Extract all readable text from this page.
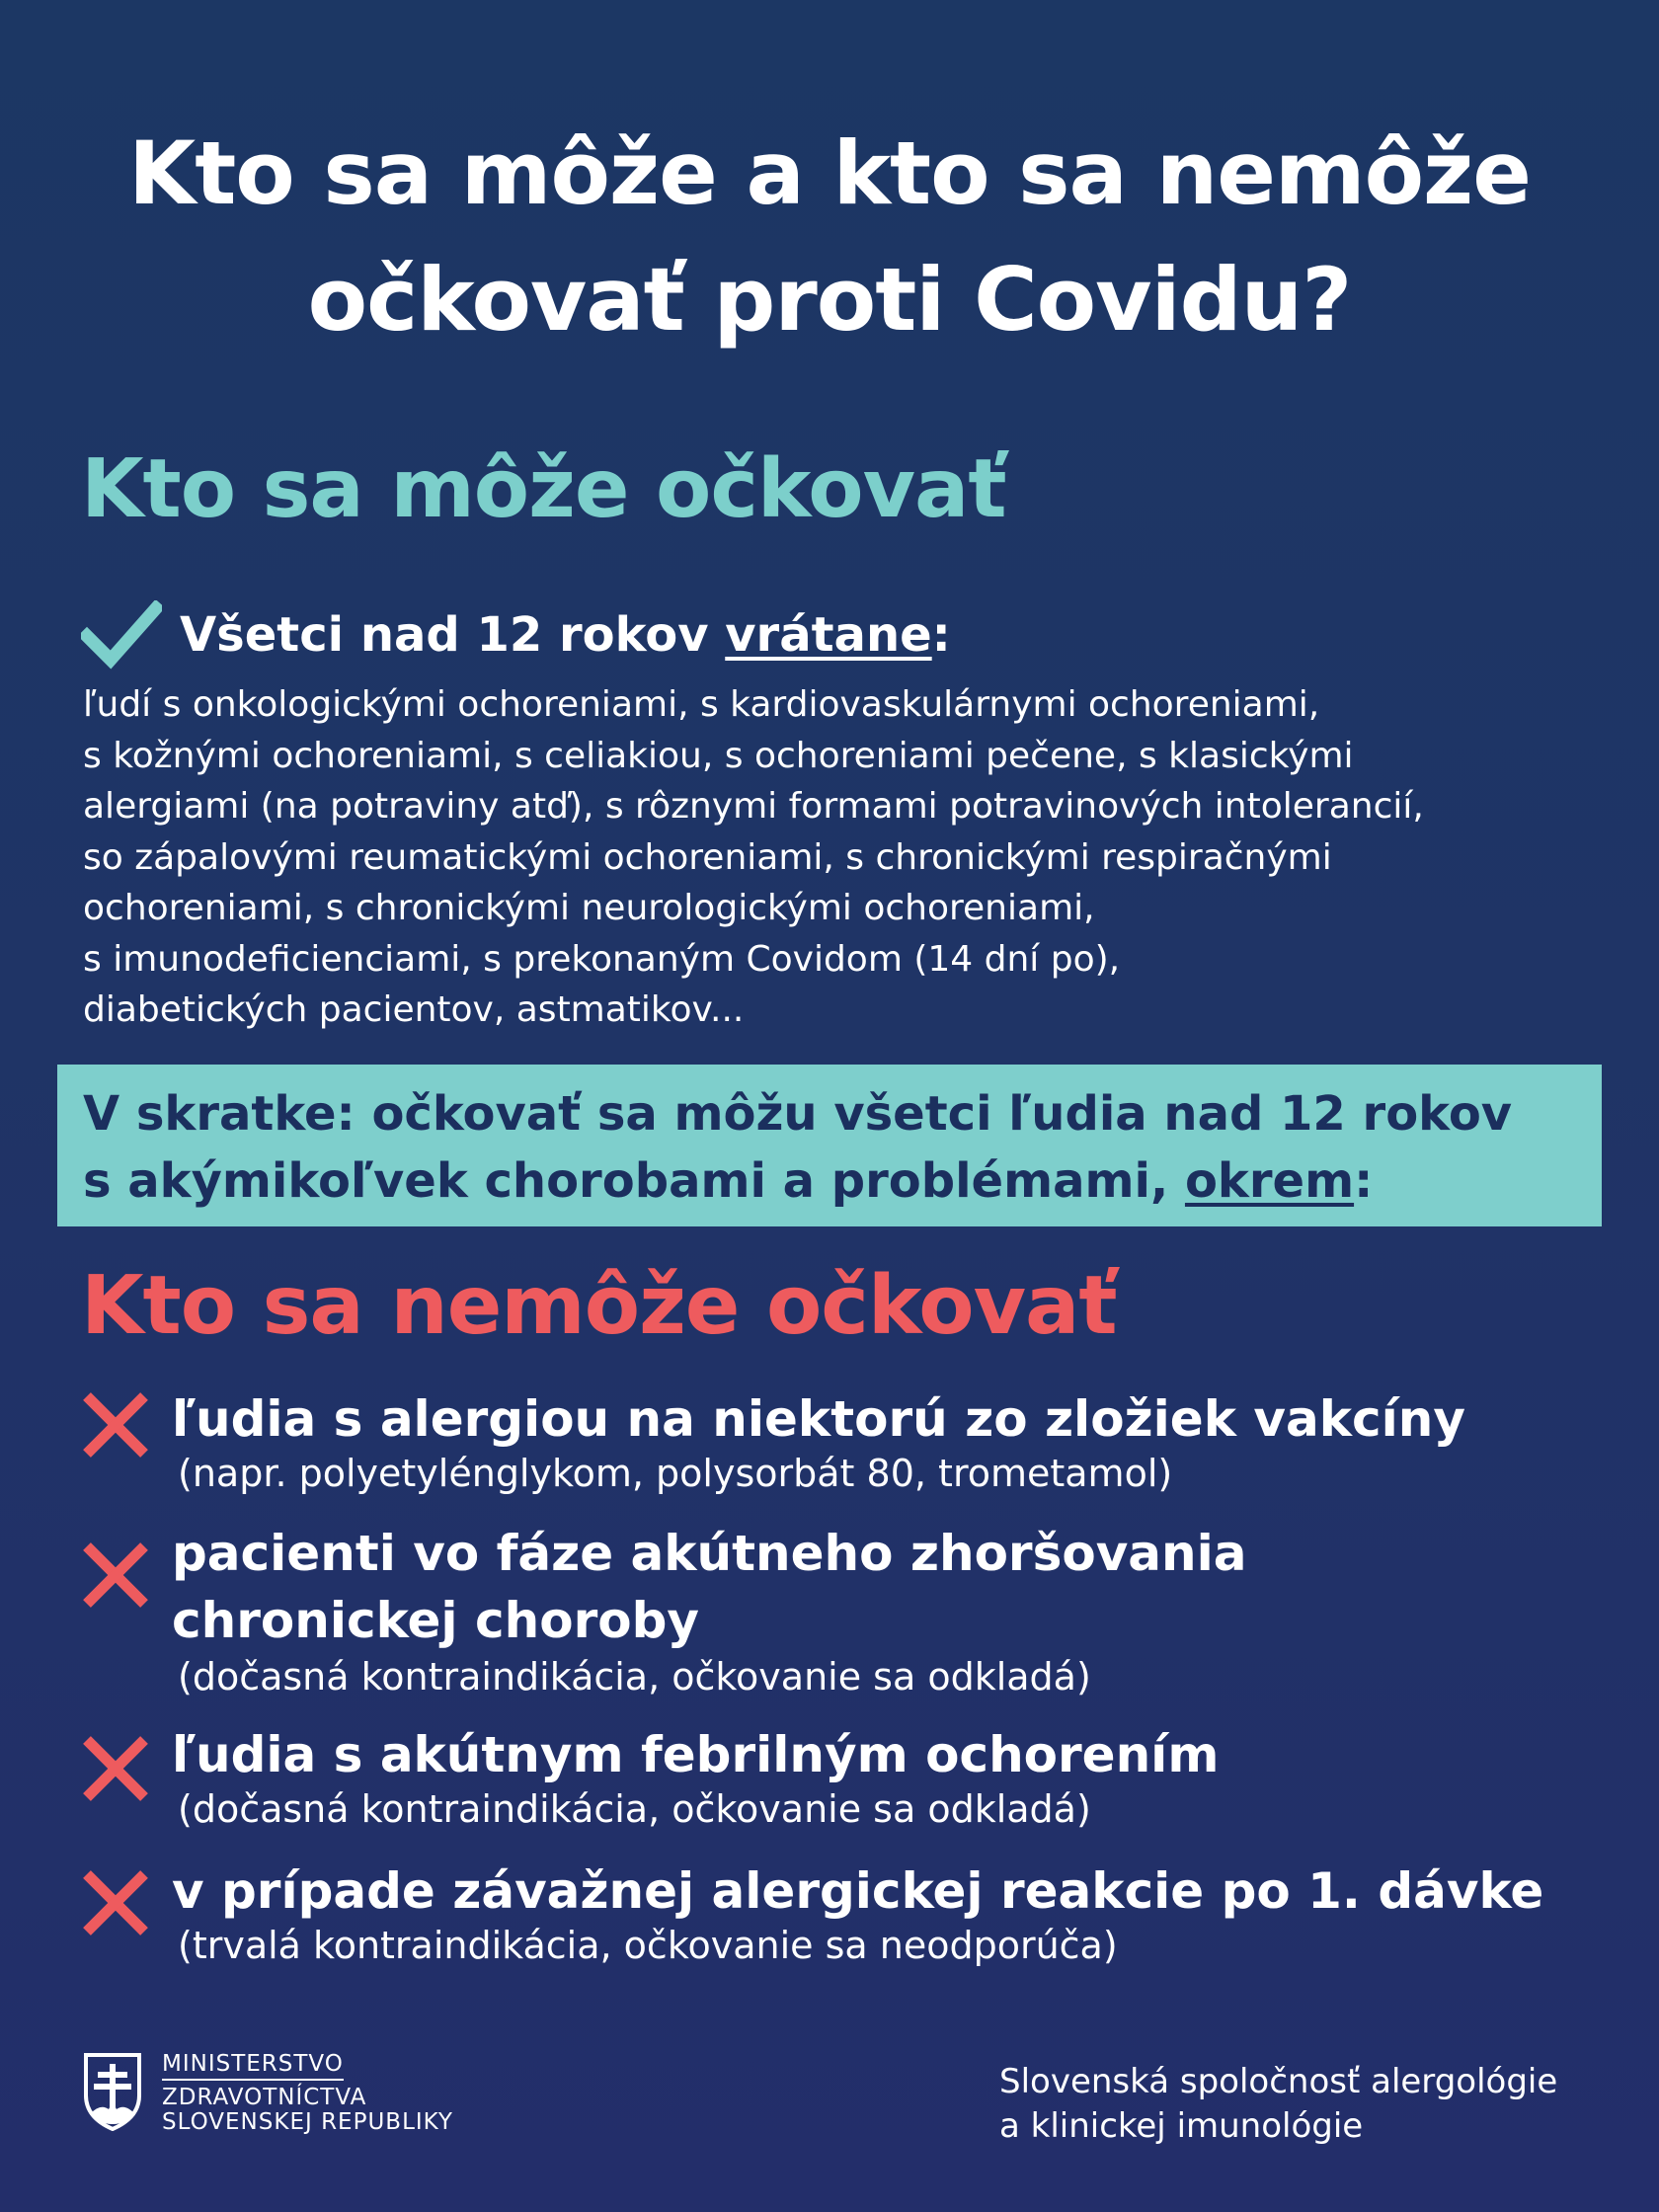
Kto sa môže a kto sa nemôže
očkovať proti Covidu?
Kto sa môže očkovať
Všetci nad 12 rokov vrátane:
ľudí s onkologickými ochoreniami, s kardiovaskulárnymi ochoreniami,
s kožnými ochoreniami, s celiakiou, s ochoreniami pečene, s klasickými
alergiami (na potraviny atď), s rôznymi formami potravinových intolerancií,
so zápalovými reumatickými ochoreniami, s chronickými respiračnými
ochoreniami, s chronickými neurologickými ochoreniami,
s imunodeficienciami, s prekonaným Covidom (14 dní po),
diabetických pacientov, astmatikov...
V skratke: očkovať sa môžu všetci ľudia nad 12 rokov
s akýmikoľvek chorobami a problémami, okrem:
Kto sa nemôže očkovať
ľudia s alergiou na niektorú zo zložiek vakcíny
(napr. polyetylénglykom, polysorbát 80, trometamol)
pacienti vo fáze akútneho zhoršovania
chronickej choroby
(dočasná kontraindikácia, očkovanie sa odkladá)
ľudia s akútnym febrilným ochorením
(dočasná kontraindikácia, očkovanie sa odkladá)
v prípade závažnej alergickej reakcie po 1. dávke
(trvalá kontraindikácia, očkovanie sa neodporúča)
MINISTERSTVO
ZDRAVOTNÍCTVA
SLOVENSKEJ REPUBLIKY
Slovenská spoločnosť alergológie
a klinickej imunológie
